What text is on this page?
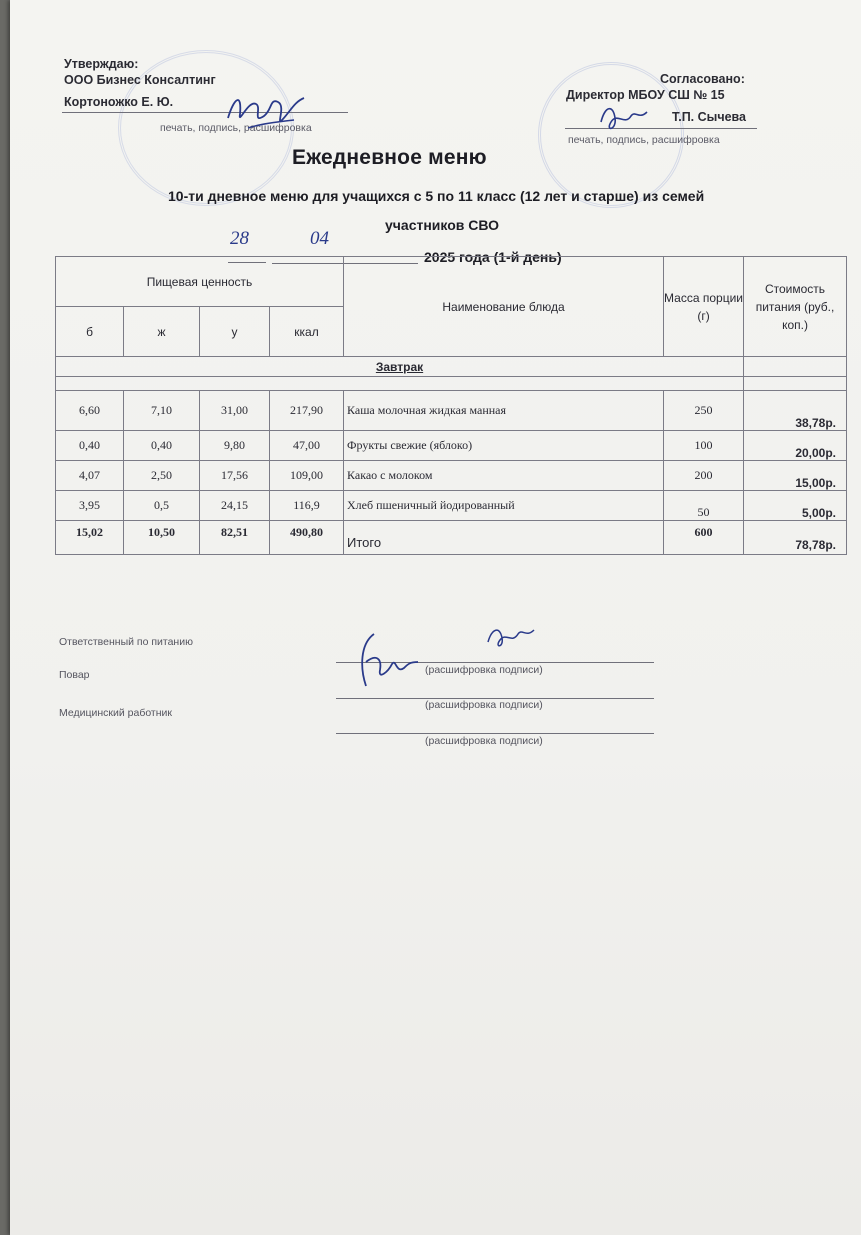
Утверждаю:
ООО Бизнес Консалтинг
Кортоножко Е. Ю.
печать, подпись, расшифровка
Согласовано:
Директор МБОУ СШ № 15
Т.П. Сычева
печать, подпись, расшифровка
Ежедневное меню
10-ти дневное меню для учащихся с 5 по 11 класс (12 лет и старше) из семей
участников СВО
28	04
2025 года (1-й день)
Пищевая ценность				Наименование блюда	Масса порции (г)	Стоимость питания (руб., коп.)
б	ж	у	ккал			
Завтрак						

6,60	7,10	31,00	217,90	Каша молочная жидкая манная	250	38,78р.
0,40	0,40	9,80	47,00	Фрукты свежие (яблоко)	100	20,00р.
4,07	2,50	17,56	109,00	Какао с молоком	200	15,00р.
3,95	0,5	24,15	116,9	Хлеб пшеничный йодированный	50	5,00р.
15,02	10,50	82,51	490,80	Итого	600	78,78р.
Ответственный по питанию
(расшифровка подписи)
Повар
(расшифровка подписи)
Медицинский работник
(расшифровка подписи)
